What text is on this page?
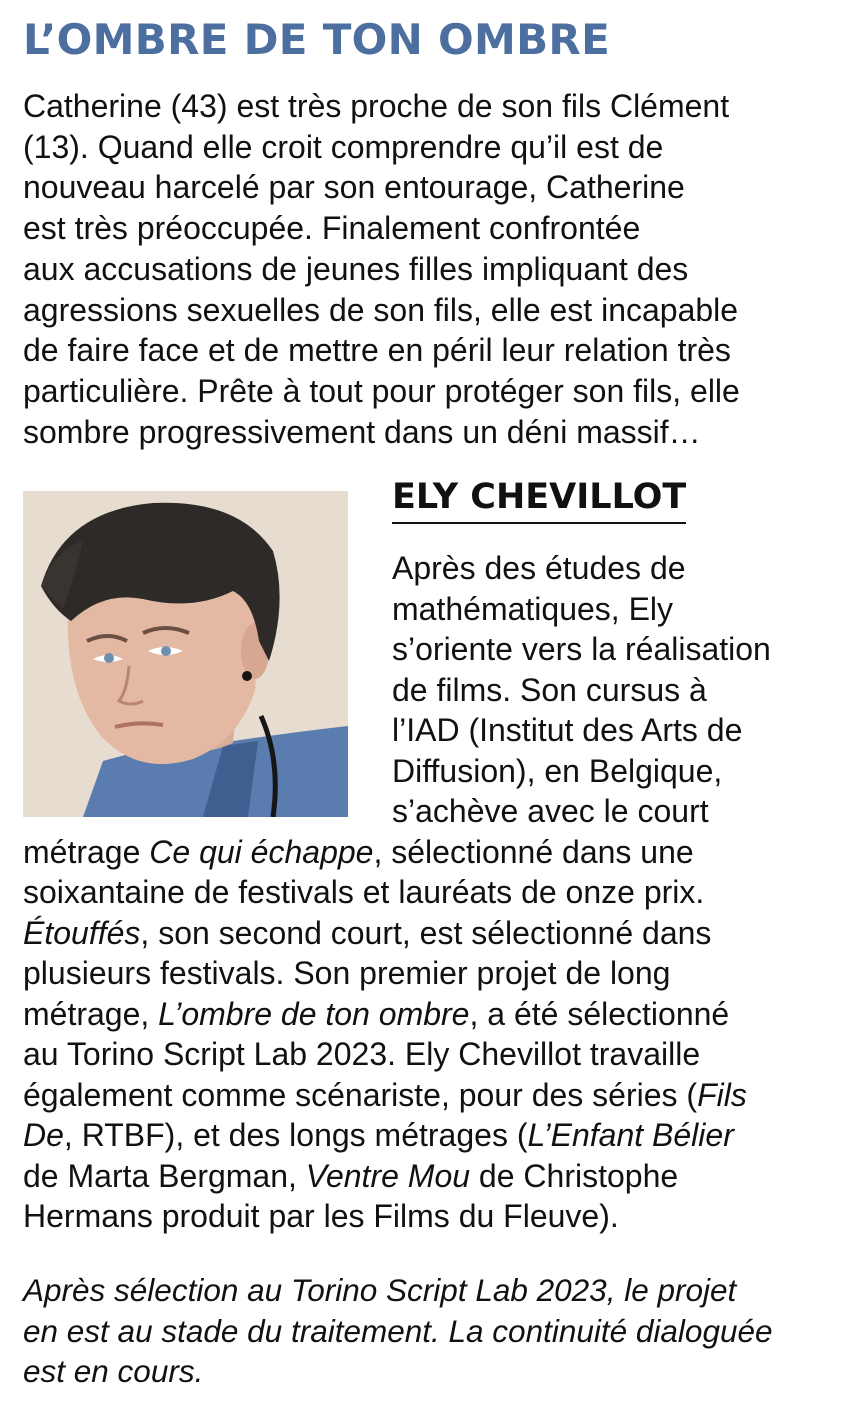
L’OMBRE DE TON OMBRE

Catherine (43) est très proche de son fils Clément
(13). Quand elle croit comprendre qu’il est de
nouveau harcelé par son entourage, Catherine
est très préoccupée. Finalement confrontée
aux accusations de jeunes filles impliquant des
agressions sexuelles de son fils, elle est incapable
de faire face et de mettre en péril leur relation très
particulière. Prête à tout pour protéger son fils, elle
sombre progressivement dans un déni massif…

ELY CHEVILLOT

Après des études de
mathématiques, Ely
s’oriente vers la réalisation
de films. Son cursus à
l’IAD (Institut des Arts de
Diffusion), en Belgique,
s’achève avec le court
métrage Ce qui échappe, sélectionné dans une
soixantaine de festivals et lauréats de onze prix.
Étouffés, son second court, est sélectionné dans
plusieurs festivals. Son premier projet de long
métrage, L’ombre de ton ombre, a été sélectionné
au Torino Script Lab 2023. Ely Chevillot travaille
également comme scénariste, pour des séries (Fils
De, RTBF), et des longs métrages (L’Enfant Bélier
de Marta Bergman, Ventre Mou de Christophe
Hermans produit par les Films du Fleuve).

Après sélection au Torino Script Lab 2023, le projet
en est au stade du traitement. La continuité dialoguée
est en cours.
